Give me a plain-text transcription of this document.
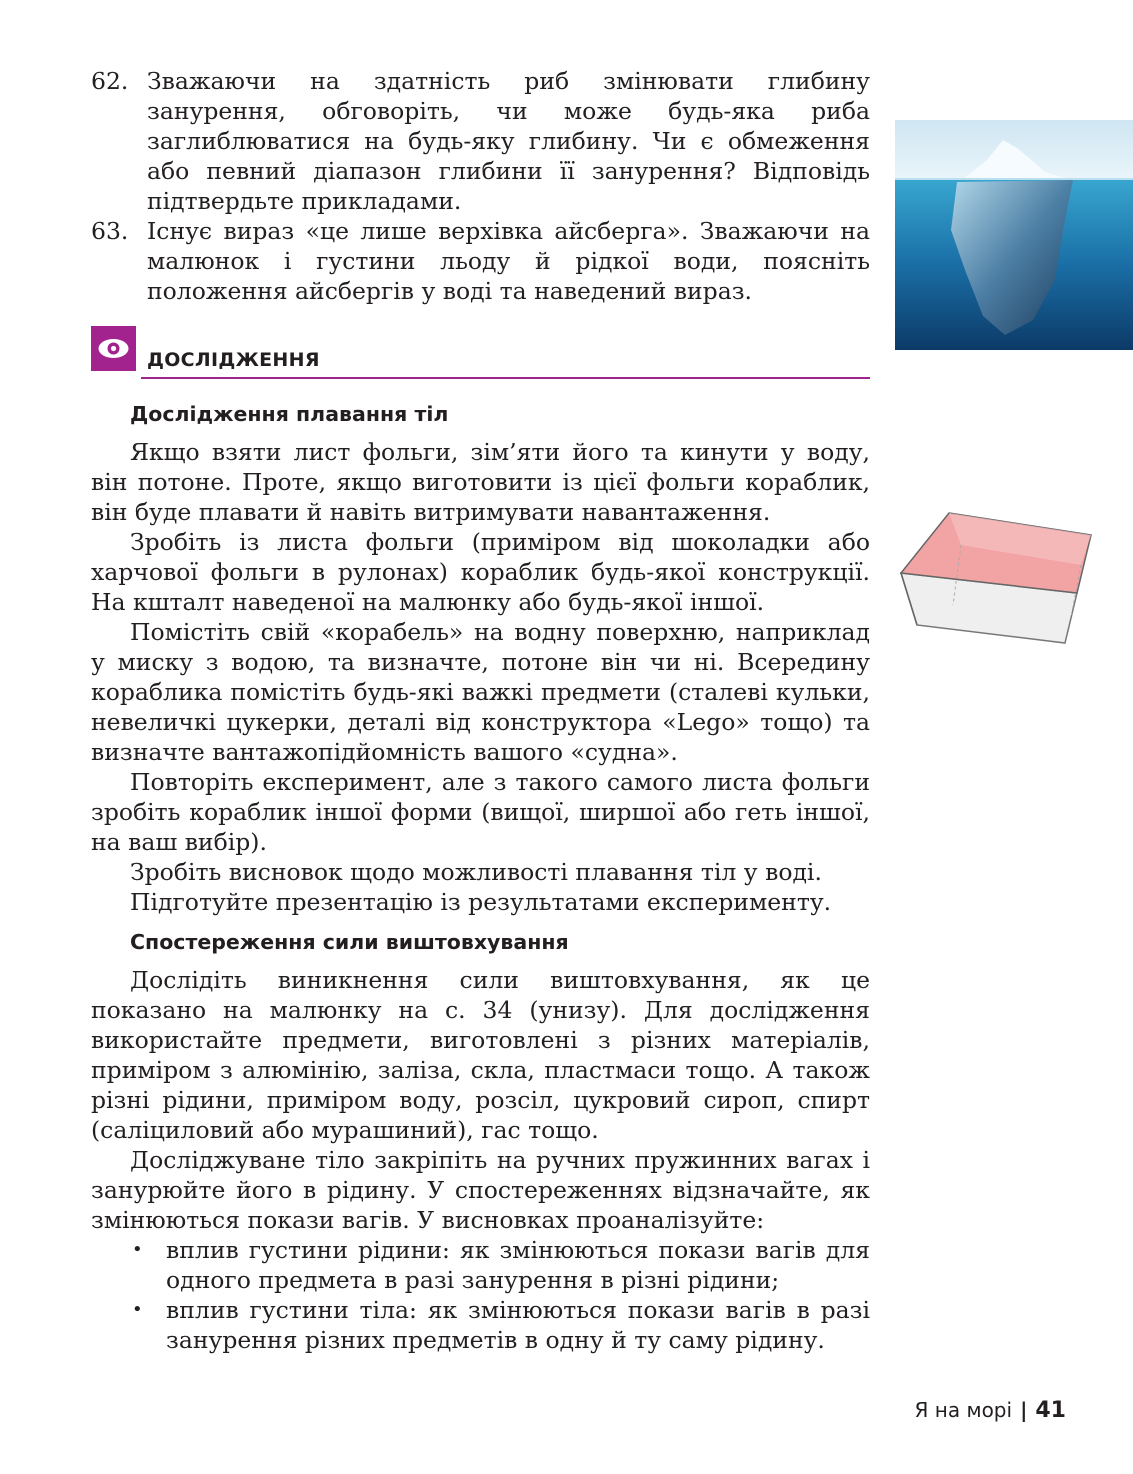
62. Зважаючи на здатність риб змінювати глибину занурення, обговоріть, чи може будь-яка риба заглиблюватися на будь-яку глибину. Чи є обмеження або певний діапазон глибини її занурення? Відповідь підтвердьте прикладами.
63. Існує вираз «це лише верхівка айсберга». Зважаючи на малюнок і густини льоду й рідкої води, поясніть положення айсбергів у воді та наведений вираз.
ДОСЛІДЖЕННЯ
Дослідження плавання тіл

Якщо взяти лист фольги, зім’яти його та кинути у воду, він потоне. Проте, якщо виготовити із цієї фольги кораблик, він буде плавати й навіть витримувати навантаження.

Зробіть із листа фольги (приміром від шоколадки або харчової фольги в рулонах) кораблик будь-якої конструкції. На кшталт наведеної на малюнку або будь-якої іншої.

Помістіть свій «корабель» на водну поверхню, наприклад у миску з водою, та визначте, потоне він чи ні. Всередину кораблика помістіть будь-які важкі предмети (сталеві кульки, невеличкі цукерки, деталі від конструктора «Lego» тощо) та визначте вантажопідйомність вашого «судна».

Повторіть експеримент, але з такого самого листа фольги зробіть кораблик іншої форми (вищої, ширшої або геть іншої, на ваш вибір).

Зробіть висновок щодо можливості плавання тіл у воді.

Підготуйте презентацію із результатами експерименту.

Спостереження сили виштовхування

Дослідіть виникнення сили виштовхування, як це показано на малюнку на с. 34 (унизу). Для дослідження використайте предмети, виготовлені з різних матеріалів, приміром з алюмінію, заліза, скла, пластмаси тощо. А також різні рідини, приміром воду, розсіл, цукровий сироп, спирт (саліциловий або мурашиний), гас тощо.

Досліджуване тіло закріпіть на ручних пружинних вагах і занурюйте його в рідину. У спостереженнях відзначайте, як змінюються покази вагів. У висновках проаналізуйте:

• вплив густини рідини: як змінюються покази вагів для одного предмета в разі занурення в різні рідини;
• вплив густини тіла: як змінюються покази вагів в разі занурення різних предметів в одну й ту саму рідину.
Я на морі | 41
